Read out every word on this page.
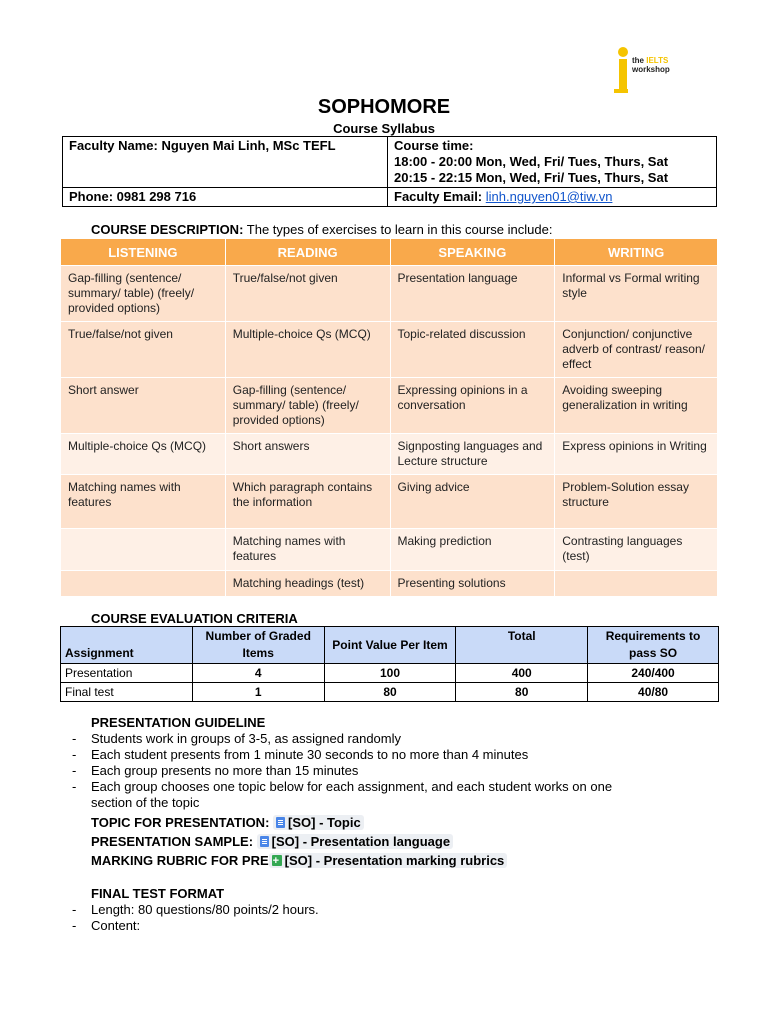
the IELTS
workshop
SOPHOMORE
Course Syllabus
Faculty Name: Nguyen Mai Linh, MSc TEFL	Course time:
18:00 - 20:00 Mon, Wed, Fri/ Tues, Thurs, Sat
20:15 - 22:15 Mon, Wed, Fri/ Tues, Thurs, Sat

Phone: 0981 298 716	Faculty Email: linh.nguyen01@tiw.vn
COURSE DESCRIPTION: The types of exercises to learn in this course include:
LISTENING	READING	SPEAKING	WRITING
Gap-filling (sentence/ summary/ table) (freely/ provided options)	True/false/not given	Presentation language	Informal vs Formal writing style
True/false/not given	Multiple-choice Qs (MCQ)	Topic-related discussion	Conjunction/ conjunctive adverb of contrast/ reason/ effect
Short answer	Gap-filling (sentence/ summary/ table) (freely/ provided options)	Expressing opinions in a conversation	Avoiding sweeping generalization in writing
Multiple-choice Qs (MCQ)	Short answers	Signposting languages and Lecture structure	Express opinions in Writing
Matching names with features	Which paragraph contains the information	Giving advice	Problem-Solution essay structure
	Matching names with features	Making prediction	Contrasting languages (test)
	Matching headings (test)	Presenting solutions	
COURSE EVALUATION CRITERIA
Assignment	Number of Graded Items	Point Value Per Item	Total	Requirements to pass SO
Presentation	4	100	400	240/400
Final test	1	80	80	40/80
PRESENTATION GUIDELINE
- Students work in groups of 3-5, as assigned randomly
- Each student presents from 1 minute 30 seconds to no more than 4 minutes
- Each group presents no more than 15 minutes
- Each group chooses one topic below for each assignment, and each student works on one section of the topic
TOPIC FOR PRESENTATION: [SO] - Topic
PRESENTATION SAMPLE: [SO] - Presentation language
MARKING RUBRIC FOR PRE + [SO] - Presentation marking rubrics
FINAL TEST FORMAT
- Length: 80 questions/80 points/2 hours.
- Content:
